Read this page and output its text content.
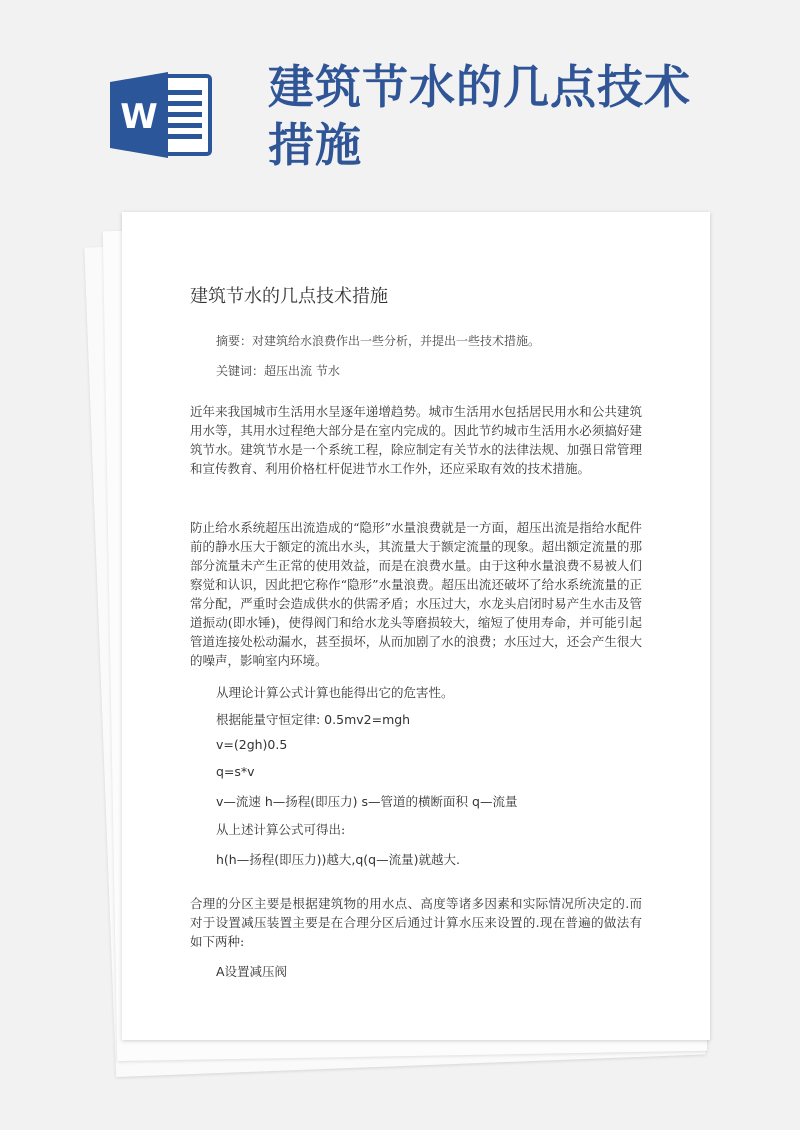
W
建筑节水的几点技术措施
建筑节水的几点技术措施
摘要：对建筑给水浪费作出一些分析，并提出一些技术措施。
关键词：超压出流 节水
近年来我国城市生活用水呈逐年递增趋势。城市生活用水包括居民用水和公共建筑用水等，其用水过程绝大部分是在室内完成的。因此节约城市生活用水必须搞好建筑节水。建筑节水是一个系统工程，除应制定有关节水的法律法规、加强日常管理和宣传教育、利用价格杠杆促进节水工作外，还应采取有效的技术措施。
防止给水系统超压出流造成的“隐形”水量浪费就是一方面，超压出流是指给水配件前的静水压大于额定的流出水头，其流量大于额定流量的现象。超出额定流量的那部分流量未产生正常的使用效益，而是在浪费水量。由于这种水量浪费不易被人们察觉和认识，因此把它称作“隐形”水量浪费。超压出流还破坏了给水系统流量的正常分配，严重时会造成供水的供需矛盾；水压过大，水龙头启闭时易产生水击及管道振动(即水锤)，使得阀门和给水龙头等磨损较大，缩短了使用寿命，并可能引起管道连接处松动漏水，甚至损坏，从而加剧了水的浪费；水压过大，还会产生很大的噪声，影响室内环境。
从理论计算公式计算也能得出它的危害性。
根据能量守恒定律: 0.5mv2=mgh
v=(2gh)0.5
q=s*v
v—流速 h—扬程(即压力) s—管道的横断面积 q—流量
从上述计算公式可得出:
h(h—扬程(即压力))越大,q(q—流量)就越大.
合理的分区主要是根据建筑物的用水点、高度等诸多因素和实际情况所决定的.而对于设置减压装置主要是在合理分区后通过计算水压来设置的.现在普遍的做法有如下两种:
A设置减压阀
